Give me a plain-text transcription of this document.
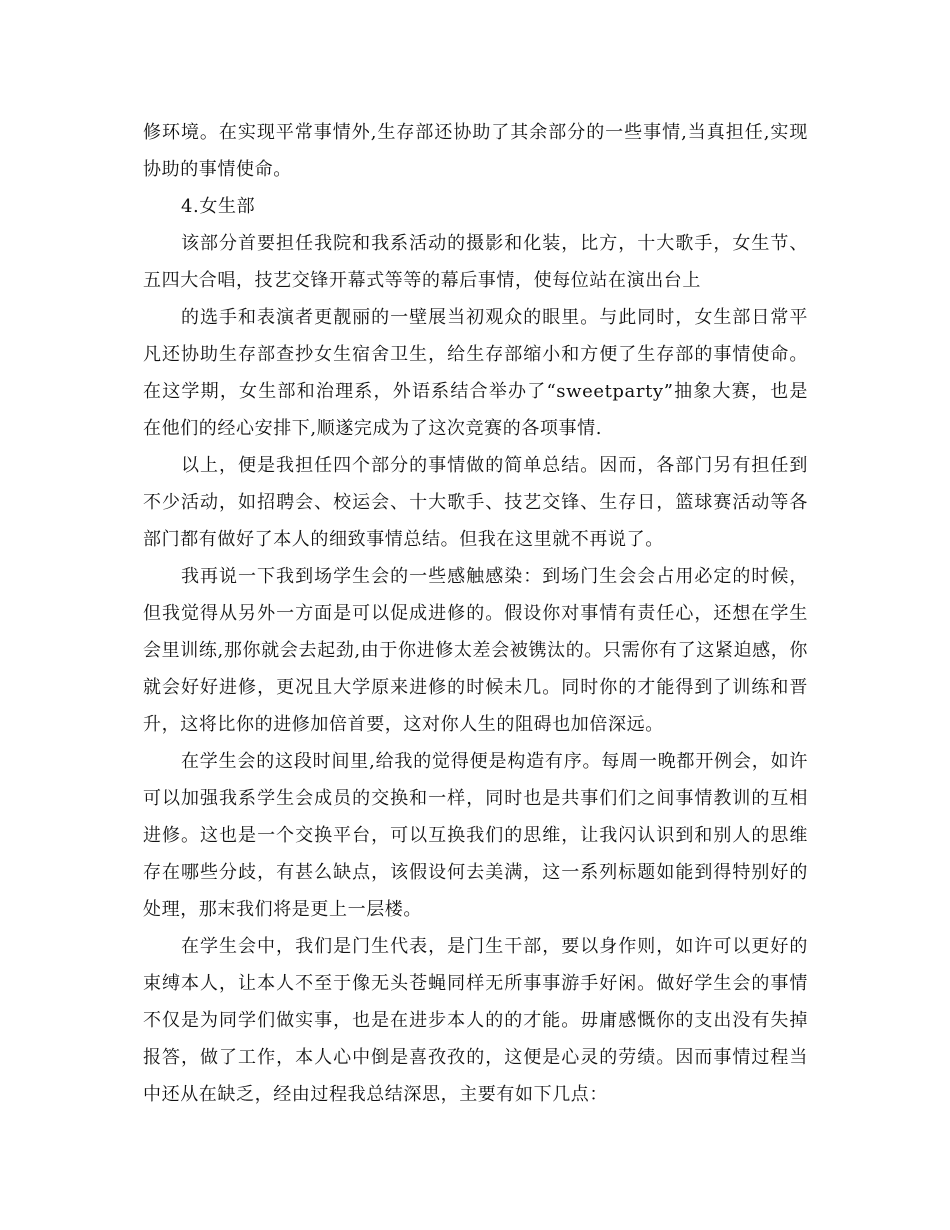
修环境。在实现平常事情外,生存部还协助了其余部分的一些事情,当真担任,实现协助的事情使命。

4.女生部

该部分首要担任我院和我系活动的摄影和化装，比方，十大歌手，女生节、五四大合唱，技艺交锋开幕式等等的幕后事情，使每位站在演出台上

的选手和表演者更靓丽的一壁展当初观众的眼里。与此同时，女生部日常平凡还协助生存部查抄女生宿舍卫生，给生存部缩小和方便了生存部的事情使命。在这学期，女生部和治理系，外语系结合举办了“sweetparty”抽象大赛，也是在他们的经心安排下,顺遂完成为了这次竞赛的各项事情.

以上，便是我担任四个部分的事情做的简单总结。因而，各部门另有担任到不少活动，如招聘会、校运会、十大歌手、技艺交锋、生存日，篮球赛活动等各部门都有做好了本人的细致事情总结。但我在这里就不再说了。

我再说一下我到场学生会的一些感触感染：到场门生会会占用必定的时候，但我觉得从另外一方面是可以促成进修的。假设你对事情有责任心，还想在学生会里训练,那你就会去起劲,由于你进修太差会被镌汰的。只需你有了这紧迫感，你就会好好进修，更况且大学原来进修的时候未几。同时你的才能得到了训练和晋升，这将比你的进修加倍首要，这对你人生的阻碍也加倍深远。

在学生会的这段时间里,给我的觉得便是构造有序。每周一晚都开例会，如许可以加强我系学生会成员的交换和一样，同时也是共事们们之间事情教训的互相进修。这也是一个交换平台，可以互换我们的思维，让我闪认识到和别人的思维存在哪些分歧，有甚么缺点，该假设何去美满，这一系列标题如能到得特别好的处理，那末我们将是更上一层楼。

在学生会中，我们是门生代表，是门生干部，要以身作则，如许可以更好的束缚本人，让本人不至于像无头苍蝇同样无所事事游手好闲。做好学生会的事情不仅是为同学们做实事，也是在进步本人的的才能。毋庸感慨你的支出没有失掉报答，做了工作，本人心中倒是喜孜孜的，这便是心灵的劳绩。因而事情过程当中还从在缺乏，经由过程我总结深思，主要有如下几点：
